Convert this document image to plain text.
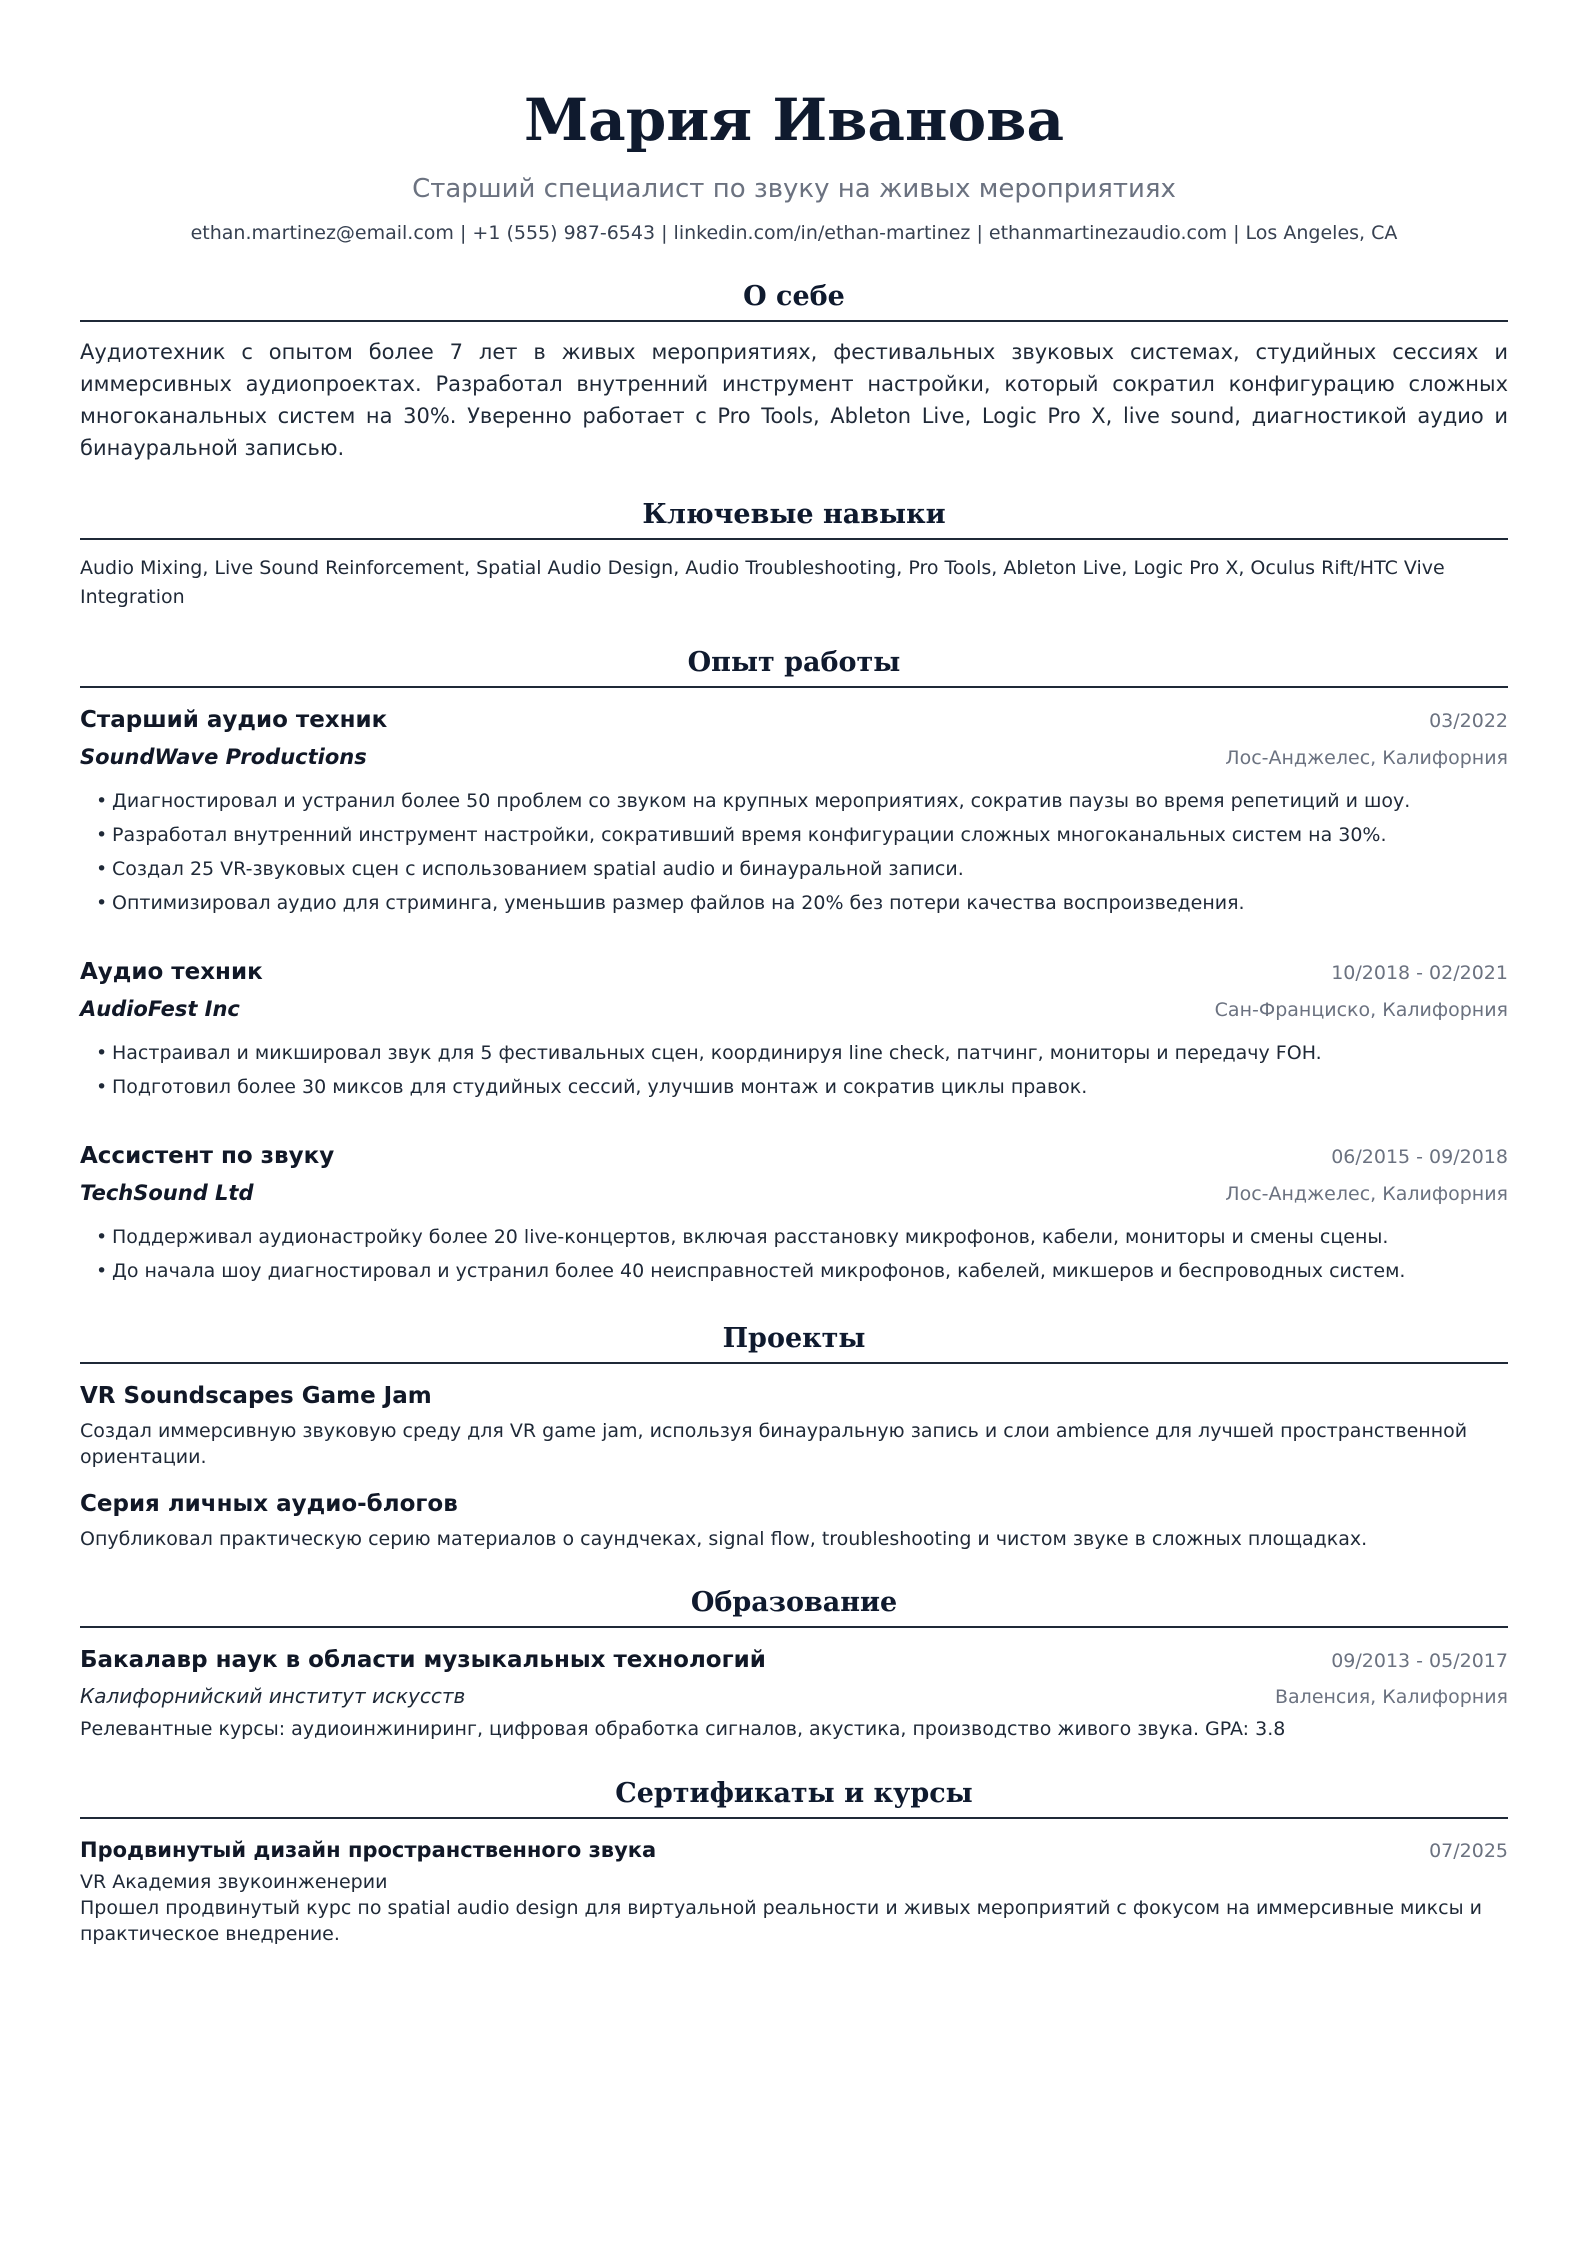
Мария Иванова
Старший специалист по звуку на живых мероприятиях
ethan.martinez@email.com | +1 (555) 987-6543 | linkedin.com/in/ethan-martinez | ethanmartinezaudio.com | Los Angeles, CA
О себе
Аудиотехник с опытом более 7 лет в живых мероприятиях, фестивальных звуковых системах, студийных сессиях и иммерсивных аудиопроектах. Разработал внутренний инструмент настройки, который сократил конфигурацию сложных многоканальных систем на 30%. Уверенно работает с Pro Tools, Ableton Live, Logic Pro X, live sound, диагностикой аудио и бинауральной записью.
Ключевые навыки
Audio Mixing, Live Sound Reinforcement, Spatial Audio Design, Audio Troubleshooting, Pro Tools, Ableton Live, Logic Pro X, Oculus Rift/HTC Vive Integration
Опыт работы
Старший аудио техник	03/2022
SoundWave Productions	Лос-Анджелес, Калифорния
• Диагностировал и устранил более 50 проблем со звуком на крупных мероприятиях, сократив паузы во время репетиций и шоу.
• Разработал внутренний инструмент настройки, сокративший время конфигурации сложных многоканальных систем на 30%.
• Создал 25 VR-звуковых сцен с использованием spatial audio и бинауральной записи.
• Оптимизировал аудио для стриминга, уменьшив размер файлов на 20% без потери качества воспроизведения.
Аудио техник	10/2018 - 02/2021
AudioFest Inc	Сан-Франциско, Калифорния
• Настраивал и микшировал звук для 5 фестивальных сцен, координируя line check, патчинг, мониторы и передачу FOH.
• Подготовил более 30 миксов для студийных сессий, улучшив монтаж и сократив циклы правок.
Ассистент по звуку	06/2015 - 09/2018
TechSound Ltd	Лос-Анджелес, Калифорния
• Поддерживал аудионастройку более 20 live-концертов, включая расстановку микрофонов, кабели, мониторы и смены сцены.
• До начала шоу диагностировал и устранил более 40 неисправностей микрофонов, кабелей, микшеров и беспроводных систем.
Проекты
VR Soundscapes Game Jam
Создал иммерсивную звуковую среду для VR game jam, используя бинауральную запись и слои ambience для лучшей пространственной ориентации.
Серия личных аудио-блогов
Опубликовал практическую серию материалов о саундчеках, signal flow, troubleshooting и чистом звуке в сложных площадках.
Образование
Бакалавр наук в области музыкальных технологий	09/2013 - 05/2017
Калифорнийский институт искусств	Валенсия, Калифорния
Релевантные курсы: аудиоинжиниринг, цифровая обработка сигналов, акустика, производство живого звука. GPA: 3.8
Сертификаты и курсы
Продвинутый дизайн пространственного звука	07/2025
VR Академия звукоинженерии
Прошел продвинутый курс по spatial audio design для виртуальной реальности и живых мероприятий с фокусом на иммерсивные миксы и практическое внедрение.
